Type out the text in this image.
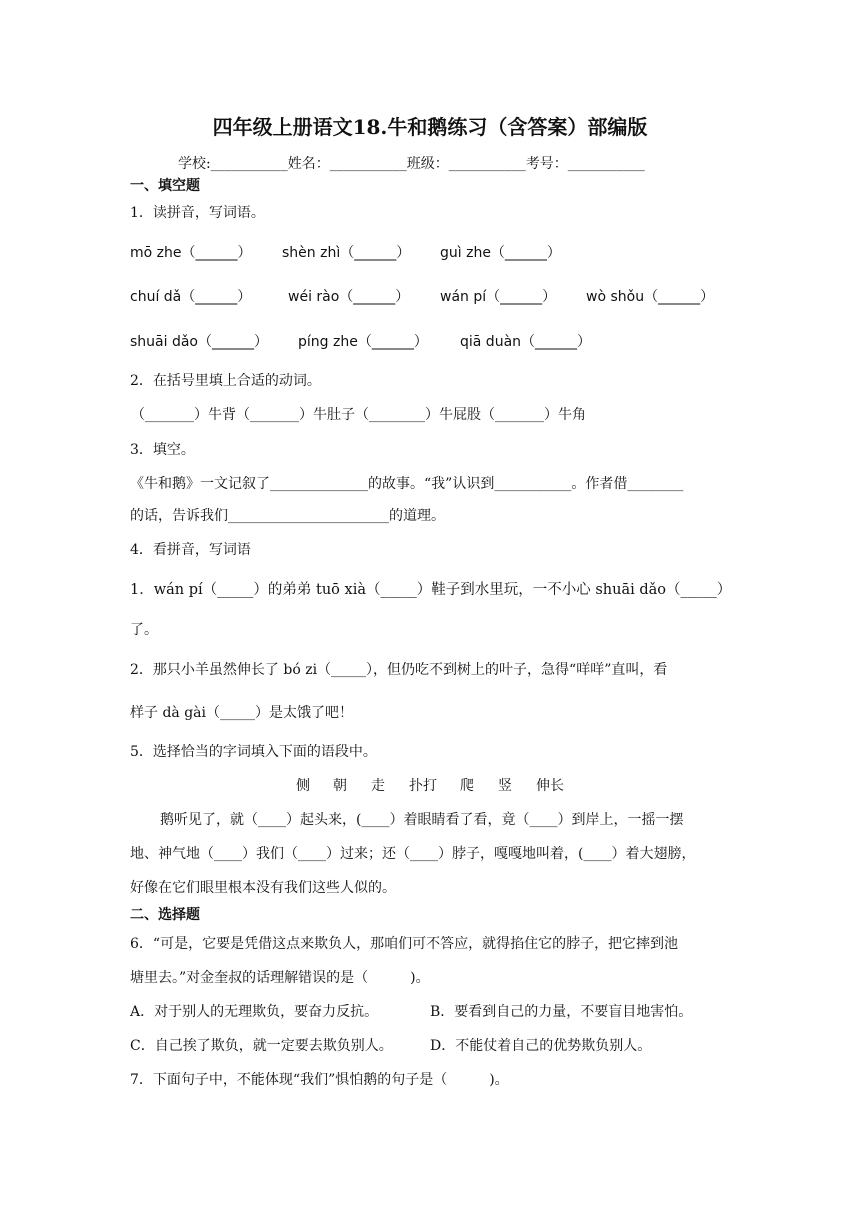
四年级上册语文18.牛和鹅练习（含答案）部编版
学校:___________姓名：___________班级：___________考号：___________
一、填空题
1．读拼音，写词语。
mō zhe（______） shèn zhì（______） guì zhe（______）
chuí dǎ（______）	wéi rào（______） wán pí（______） wò shǒu（______）
shuāi dǎo（______） píng zhe（______） qiā duàn（______）
2．在括号里填上合适的动词。
（_______）牛背（_______）牛肚子（________）牛屁股（_______）牛角
3．填空。
《牛和鹅》一文记叙了______________的故事。“我”认识到___________。作者借________
的话，告诉我们_______________________的道理。
4．看拼音，写词语
1．wán pí（_____）的弟弟 tuō xià（_____）鞋子到水里玩，一不小心 shuāi dǎo（_____）
了。
2．那只小羊虽然伸长了 bó zi（_____），但仍吃不到树上的叶子，急得“咩咩”直叫，看
样子 dà gài（_____）是太饿了吧！
5．选择恰当的字词填入下面的语段中。
侧 朝 走 扑打 爬 竖 伸长
鹅听见了，就（____）起头来，(____）着眼睛看了看，竟（____）到岸上，一摇一摆
地、神气地（____）我们（____）过来；还（____）脖子，嘎嘎地叫着，(____）着大翅膀，
好像在它们眼里根本没有我们这些人似的。
二、选择题
6．“可是，它要是凭借这点来欺负人，那咱们可不答应，就得掐住它的脖子，把它摔到池
塘里去。”对金奎叔的话理解错误的是（　　　)。
A．对于别人的无理欺负，要奋力反抗。	B．要看到自己的力量，不要盲目地害怕。
C．自己挨了欺负，就一定要去欺负别人。	D．不能仗着自己的优势欺负别人。
7．下面句子中，不能体现“我们”惧怕鹅的句子是（　　　)。
